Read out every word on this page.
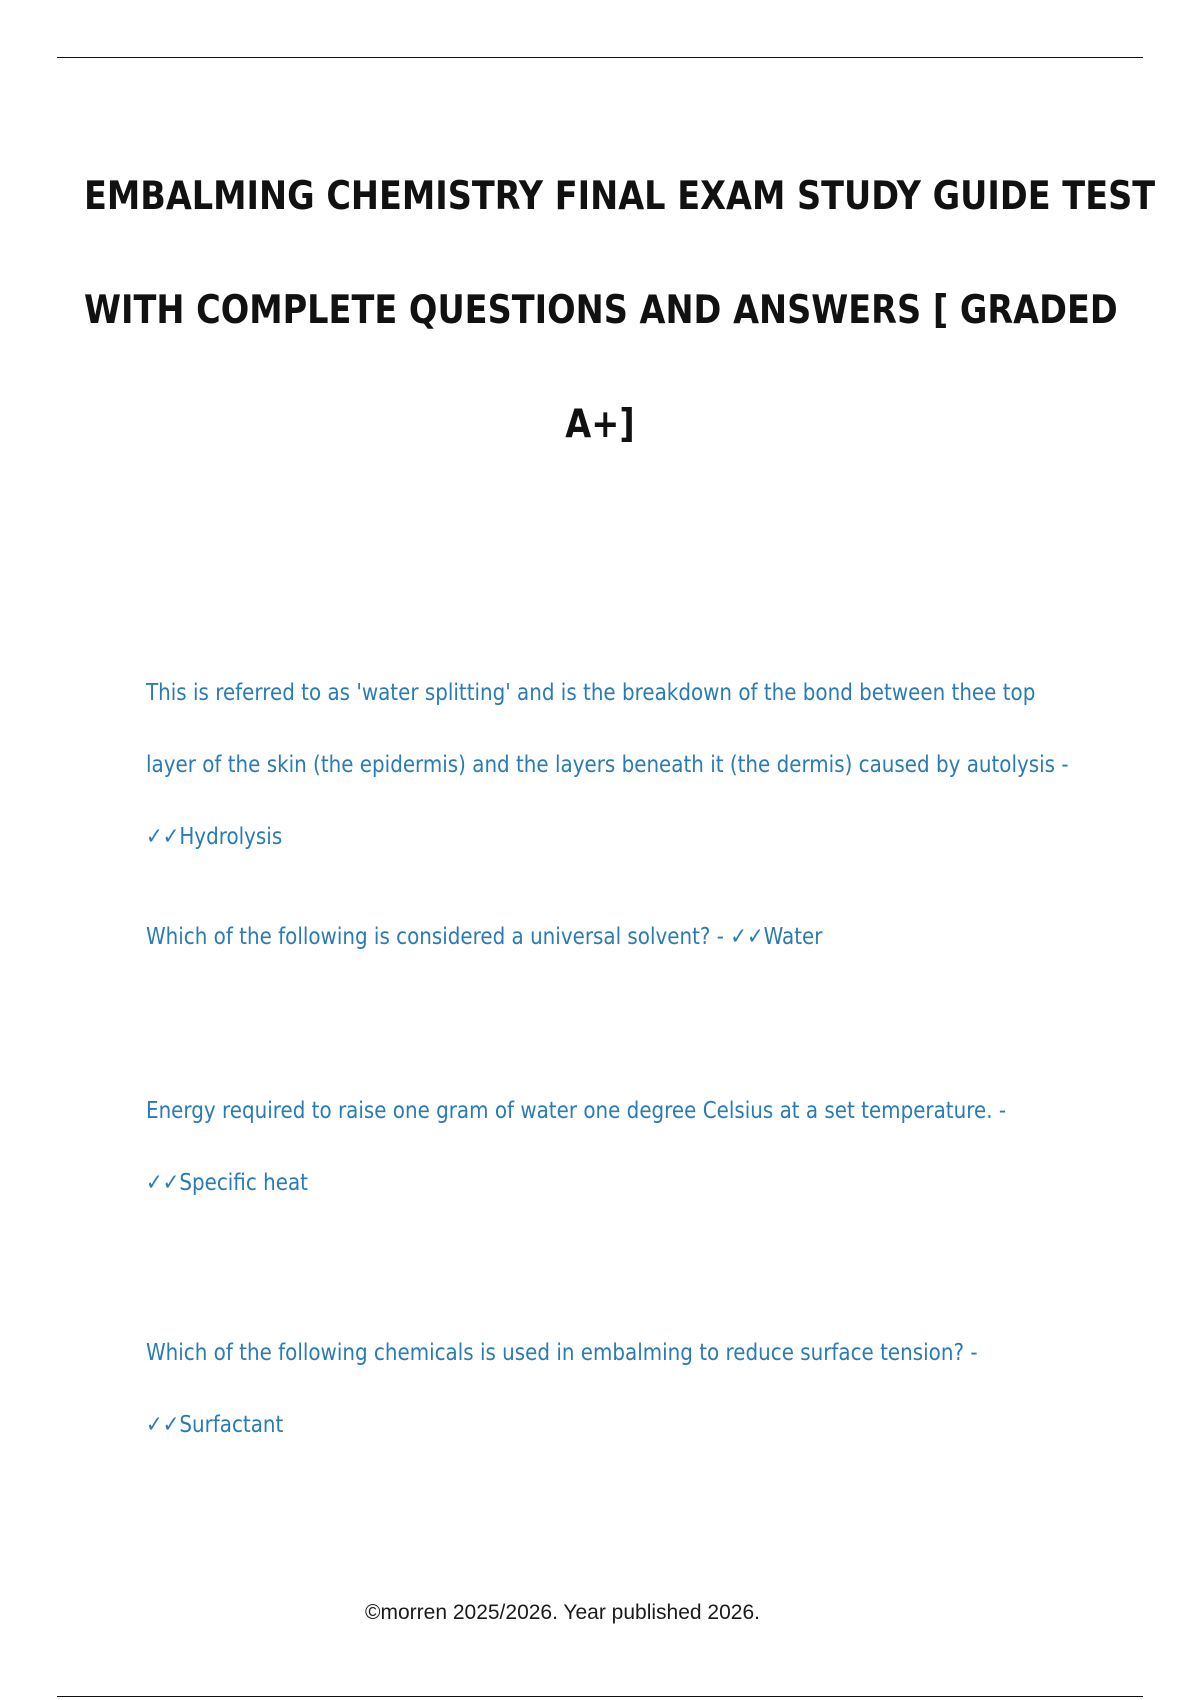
EMBALMING CHEMISTRY FINAL EXAM STUDY GUIDE TEST
WITH COMPLETE QUESTIONS AND ANSWERS [ GRADED
A+]

This is referred to as 'water splitting' and is the breakdown of the bond between thee top layer of the skin (the epidermis) and the layers beneath it (the dermis) caused by autolysis - ✓✓Hydrolysis

Which of the following is considered a universal solvent? - ✓✓Water

Energy required to raise one gram of water one degree Celsius at a set temperature. - ✓✓Specific heat

Which of the following chemicals is used in embalming to reduce surface tension? - ✓✓Surfactant

©morren 2025/2026. Year published 2026.
